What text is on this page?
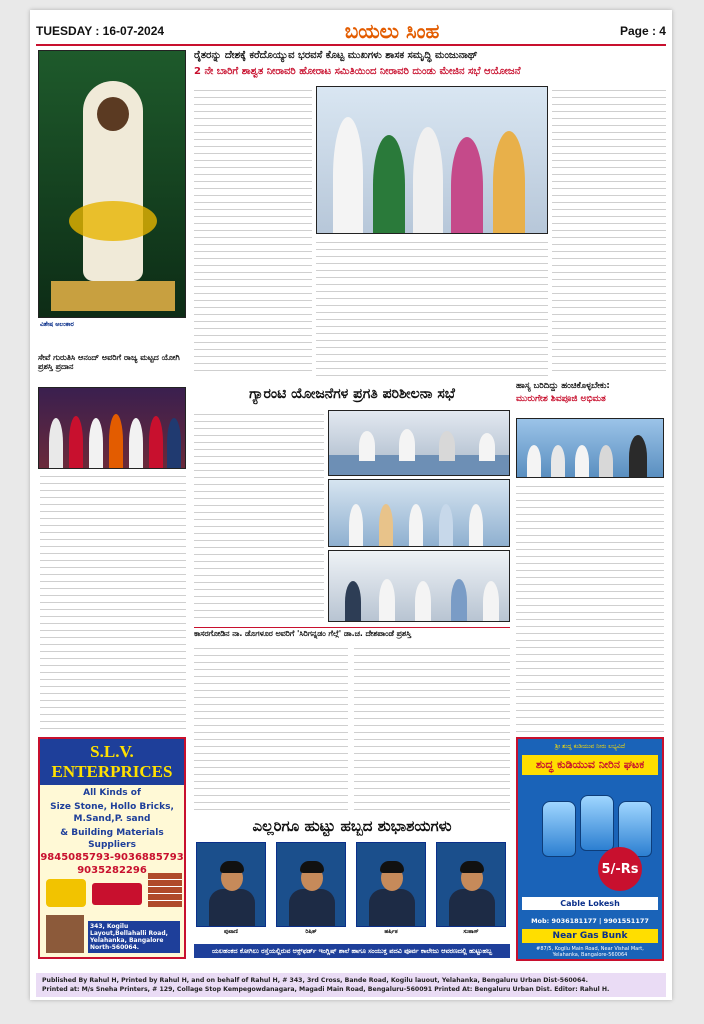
TUESDAY : 16-07-2024	ಬಯಲು ಸಿಂಹ	Page : 4
ವಿಶೇಷ ಅಲಂಕಾರ

ಸೇವೆ ಗುರುತಿಸಿ ಆನಂದ್ ಅವರಿಗೆ ರಾಜ್ಯ ಮಟ್ಟದ ಯೋಗಿ ಪ್ರಶಸ್ತಿ ಪ್ರದಾನ
ರೈತರನ್ನು ದೇಶಕ್ಕೆ ಕರೆದೊಯ್ಯುವ ಭರವಸೆ ಕೊಟ್ಟ ಮುಖಗಳು ಶಾಸಕ ಸಮೃದ್ಧಿ ಮಂಜುನಾಥ್
2 ನೇ ಬಾರಿಗೆ ಶಾಶ್ವತ ನೀರಾವರಿ ಹೋರಾಟ ಸಮಿತಿಯಿಂದ ನೀರಾವರಿ ದುಂಡು ಮೇಜಿನ ಸಭೆ ಆಯೋಜನೆ
ಗ್ಯಾರಂಟಿ ಯೋಜನೆಗಳ ಪ್ರಗತಿ ಪರಿಶೀಲನಾ ಸಭೆ	ಹಾಸ್ಯ ಬರಿದಿದ್ದು ಹಂಚಿಕೊಳ್ಳಬೇಕು:
ಮುರುಗೇಶ ಶಿವಪೂಜಿ ಅಭಿಮತ
ಕಾಸರಗೋಡಿನ ನಾ. ಡೊಗಳೂರ ಅವರಿಗೆ 'ಸಿರಿಗನ್ನಡಂ ಗೆಲ್ಗೆ' ಡಾ.ಚ. ದೇಶಪಾಂಡೆ ಪ್ರಶಸ್ತಿ
S.L.V. ENTERPRICES
All Kinds of
Size Stone, Hollo Bricks, M.Sand,P. sand
& Building Materials Suppliers
9845085793-9036885793
9035282296
343, Kogilu Layout,Bellahalli Road, Yelahanka, Bangalore North-560064.
ಎಲ್ಲರಿಗೂ ಹುಟ್ಟು ಹಬ್ಬದ ಶುಭಾಶಯಗಳು
ಪುಟಾಣಿ	ರಿಷಿತ್	ಹರ್ಷಿತ	ಸುಹಾಸ್
ಯಲಹಂಕದ ಕೋಗಿಲು ರಸ್ತೆಯಲ್ಲಿರುವ ಆಕ್ಸ್‌ಫರ್ಡ್ ಇಂಗ್ಲಿಷ್ ಶಾಲೆ ಹಾಗೂ ಸಂಯುಕ್ತ ಪದವಿ ಪೂರ್ವ ಕಾಲೇಜು ಆವರಣದಲ್ಲಿ ಹುಟ್ಟುಹಬ್ಬ ಆಚರಿಸಿಕೊಳ್ಳುತ್ತಿರುವ ಮಕ್ಕಳು
ಶ್ರೀ ಶುದ್ಧ ಕುಡಿಯುವ ನೀರು ಲಭ್ಯವಿದೆ
ಶುದ್ಧ ಕುಡಿಯುವ ನೀರಿನ ಘಟಕ
5/-Rs
Cable Lokesh
Mob: 9036181177 | 9901551177
Near Gas Bunk
#87/5, Kogilu Main Road, Near Vishal Mart, Yelahanka, Bangalore-560064
Published By Rahul H, Printed by Rahul H, and on behalf of Rahul H, # 343, 3rd Cross, Bande Road, Kogilu lauout, Yelahanka, Bengaluru Urban Dist-560064.
Printed at: M/s Sneha Printers, # 129, Collage Stop Kempegowdanagara, Magadi Main Road, Bengaluru-560091 Printed At: Bengaluru Urban Dist. Editor: Rahul H.
